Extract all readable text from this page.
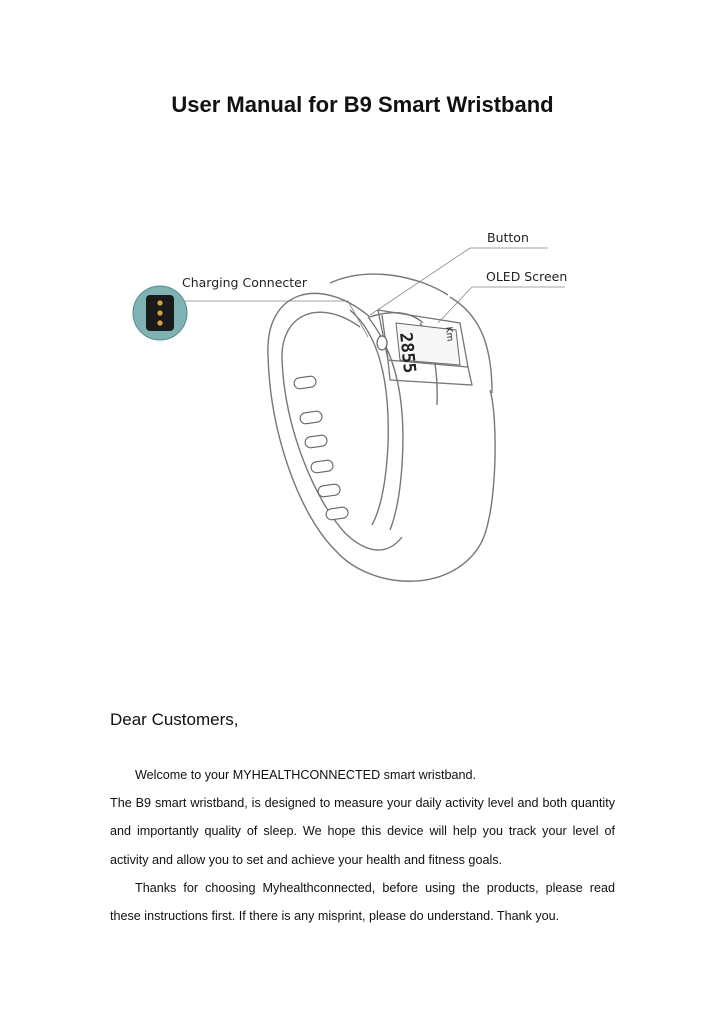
User Manual for B9 Smart Wristband
Button
OLED Screen
Charging Connecter
2855	Km

Dear Customers,

Welcome to your MYHEALTHCONNECTED smart wristband.

The B9 smart wristband, is designed to measure your daily activity level and both quantity and importantly quality of sleep. We hope this device will help you track your level of activity and allow you to set and achieve your health and fitness goals.

Thanks for choosing Myhealthconnected, before using the products, please read these instructions first. If there is any misprint, please do understand. Thank you.
